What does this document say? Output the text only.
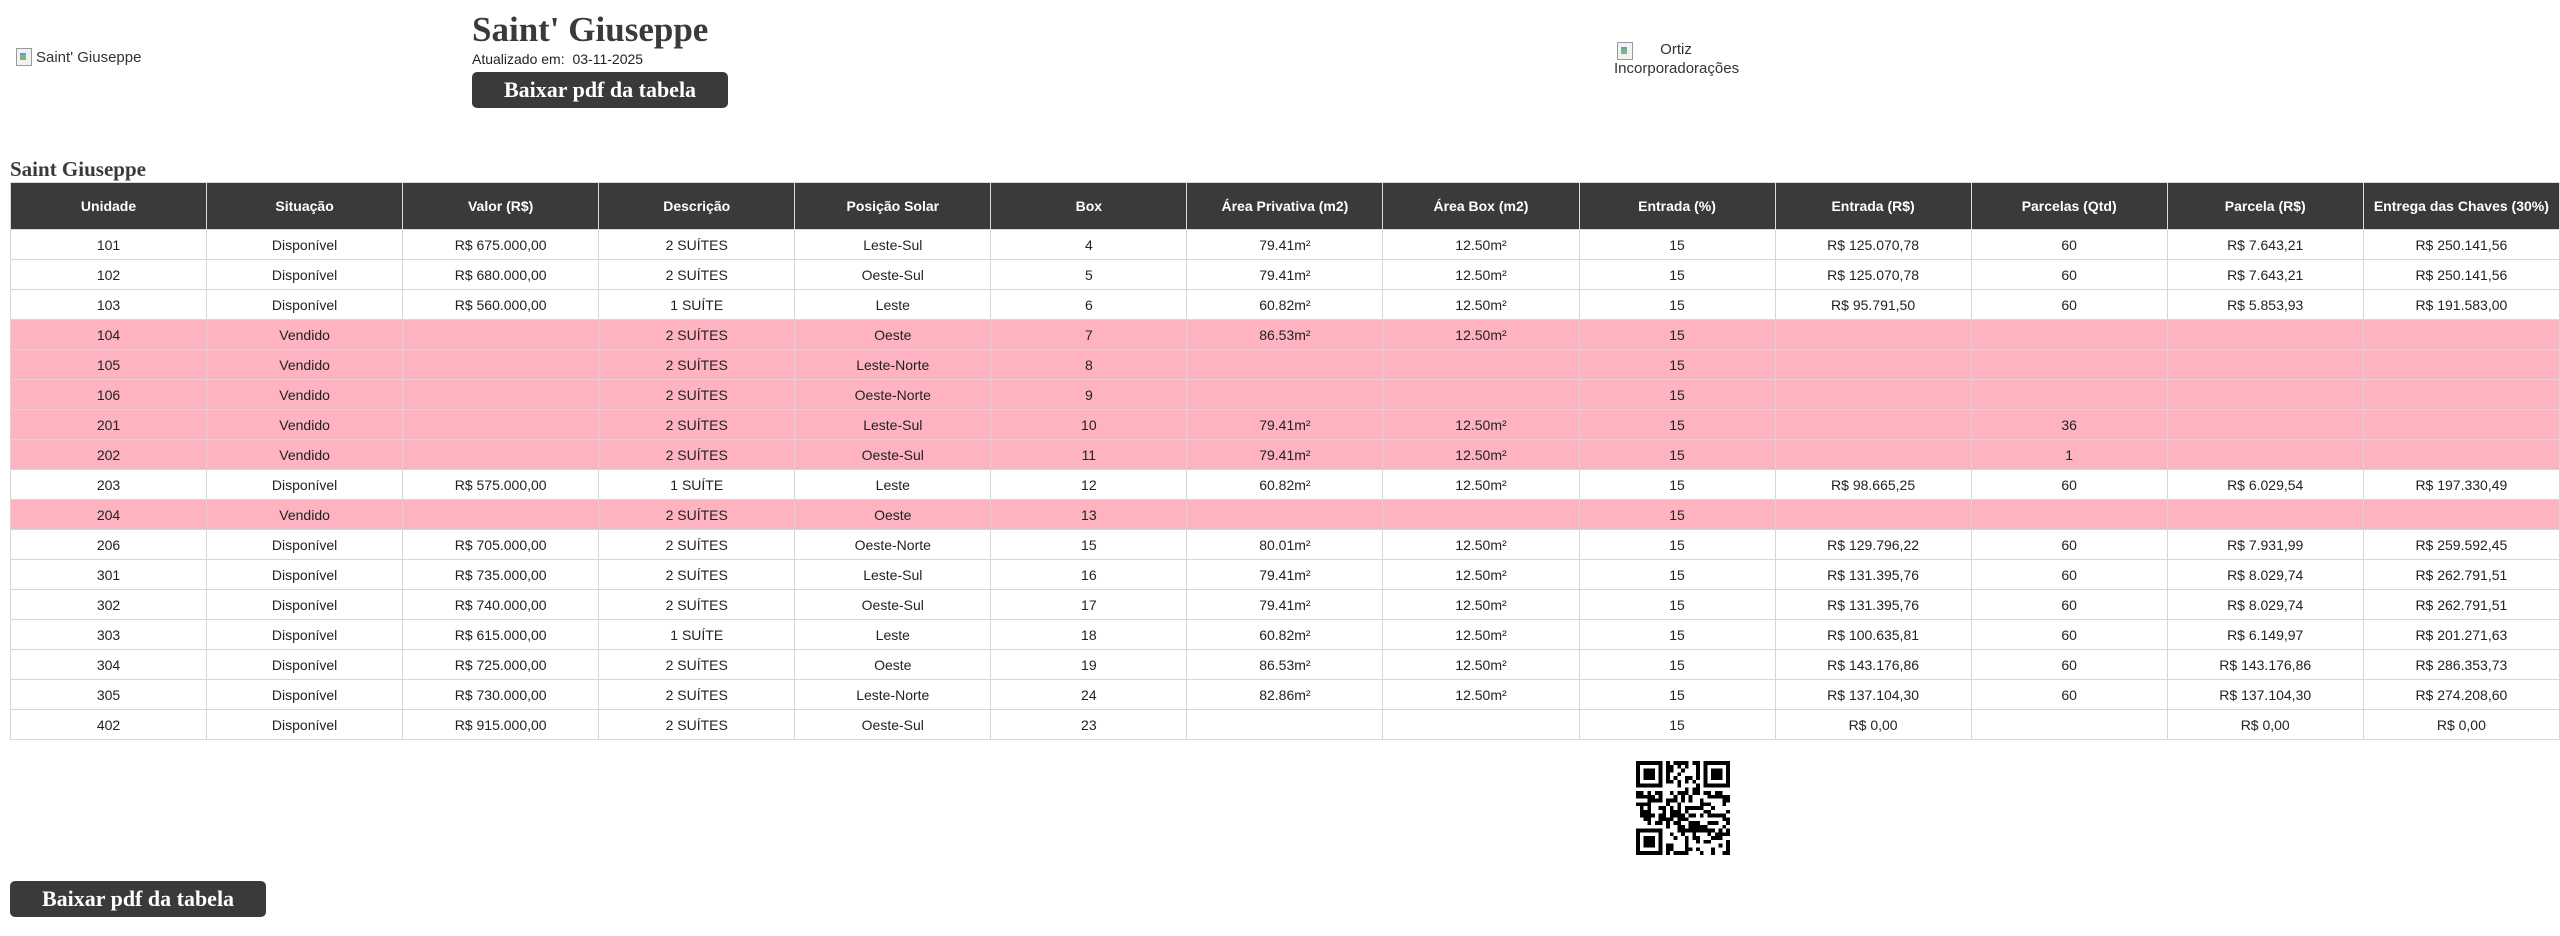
Saint' Giuseppe
Saint' Giuseppe
Atualizado em: 03-11-2025
Baixar pdf da tabela
Ortiz Incorporadorações
Saint Giuseppe
Unidade	Situação	Valor (R$)	Descrição	Posição Solar	Box	Área Privativa (m2)	Área Box (m2)	Entrada (%)	Entrada (R$)	Parcelas (Qtd)	Parcela (R$)	Entrega das Chaves (30%)
101	Disponível	R$ 675.000,00	2 SUÍTES	Leste-Sul	4	79.41m²	12.50m²	15	R$ 125.070,78	60	R$ 7.643,21	R$ 250.141,56
102	Disponível	R$ 680.000,00	2 SUÍTES	Oeste-Sul	5	79.41m²	12.50m²	15	R$ 125.070,78	60	R$ 7.643,21	R$ 250.141,56
103	Disponível	R$ 560.000,00	1 SUÍTE	Leste	6	60.82m²	12.50m²	15	R$ 95.791,50	60	R$ 5.853,93	R$ 191.583,00
104	Vendido		2 SUÍTES	Oeste	7	86.53m²	12.50m²	15				
105	Vendido		2 SUÍTES	Leste-Norte	8			15				
106	Vendido		2 SUÍTES	Oeste-Norte	9			15				
201	Vendido		2 SUÍTES	Leste-Sul	10	79.41m²	12.50m²	15		36		
202	Vendido		2 SUÍTES	Oeste-Sul	11	79.41m²	12.50m²	15		1		
203	Disponível	R$ 575.000,00	1 SUÍTE	Leste	12	60.82m²	12.50m²	15	R$ 98.665,25	60	R$ 6.029,54	R$ 197.330,49
204	Vendido		2 SUÍTES	Oeste	13			15				
206	Disponível	R$ 705.000,00	2 SUÍTES	Oeste-Norte	15	80.01m²	12.50m²	15	R$ 129.796,22	60	R$ 7.931,99	R$ 259.592,45
301	Disponível	R$ 735.000,00	2 SUÍTES	Leste-Sul	16	79.41m²	12.50m²	15	R$ 131.395,76	60	R$ 8.029,74	R$ 262.791,51
302	Disponível	R$ 740.000,00	2 SUÍTES	Oeste-Sul	17	79.41m²	12.50m²	15	R$ 131.395,76	60	R$ 8.029,74	R$ 262.791,51
303	Disponível	R$ 615.000,00	1 SUÍTE	Leste	18	60.82m²	12.50m²	15	R$ 100.635,81	60	R$ 6.149,97	R$ 201.271,63
304	Disponível	R$ 725.000,00	2 SUÍTES	Oeste	19	86.53m²	12.50m²	15	R$ 143.176,86	60	R$ 143.176,86	R$ 286.353,73
305	Disponível	R$ 730.000,00	2 SUÍTES	Leste-Norte	24	82.86m²	12.50m²	15	R$ 137.104,30	60	R$ 137.104,30	R$ 274.208,60
402	Disponível	R$ 915.000,00	2 SUÍTES	Oeste-Sul	23			15	R$ 0,00		R$ 0,00	R$ 0,00
Baixar pdf da tabela
